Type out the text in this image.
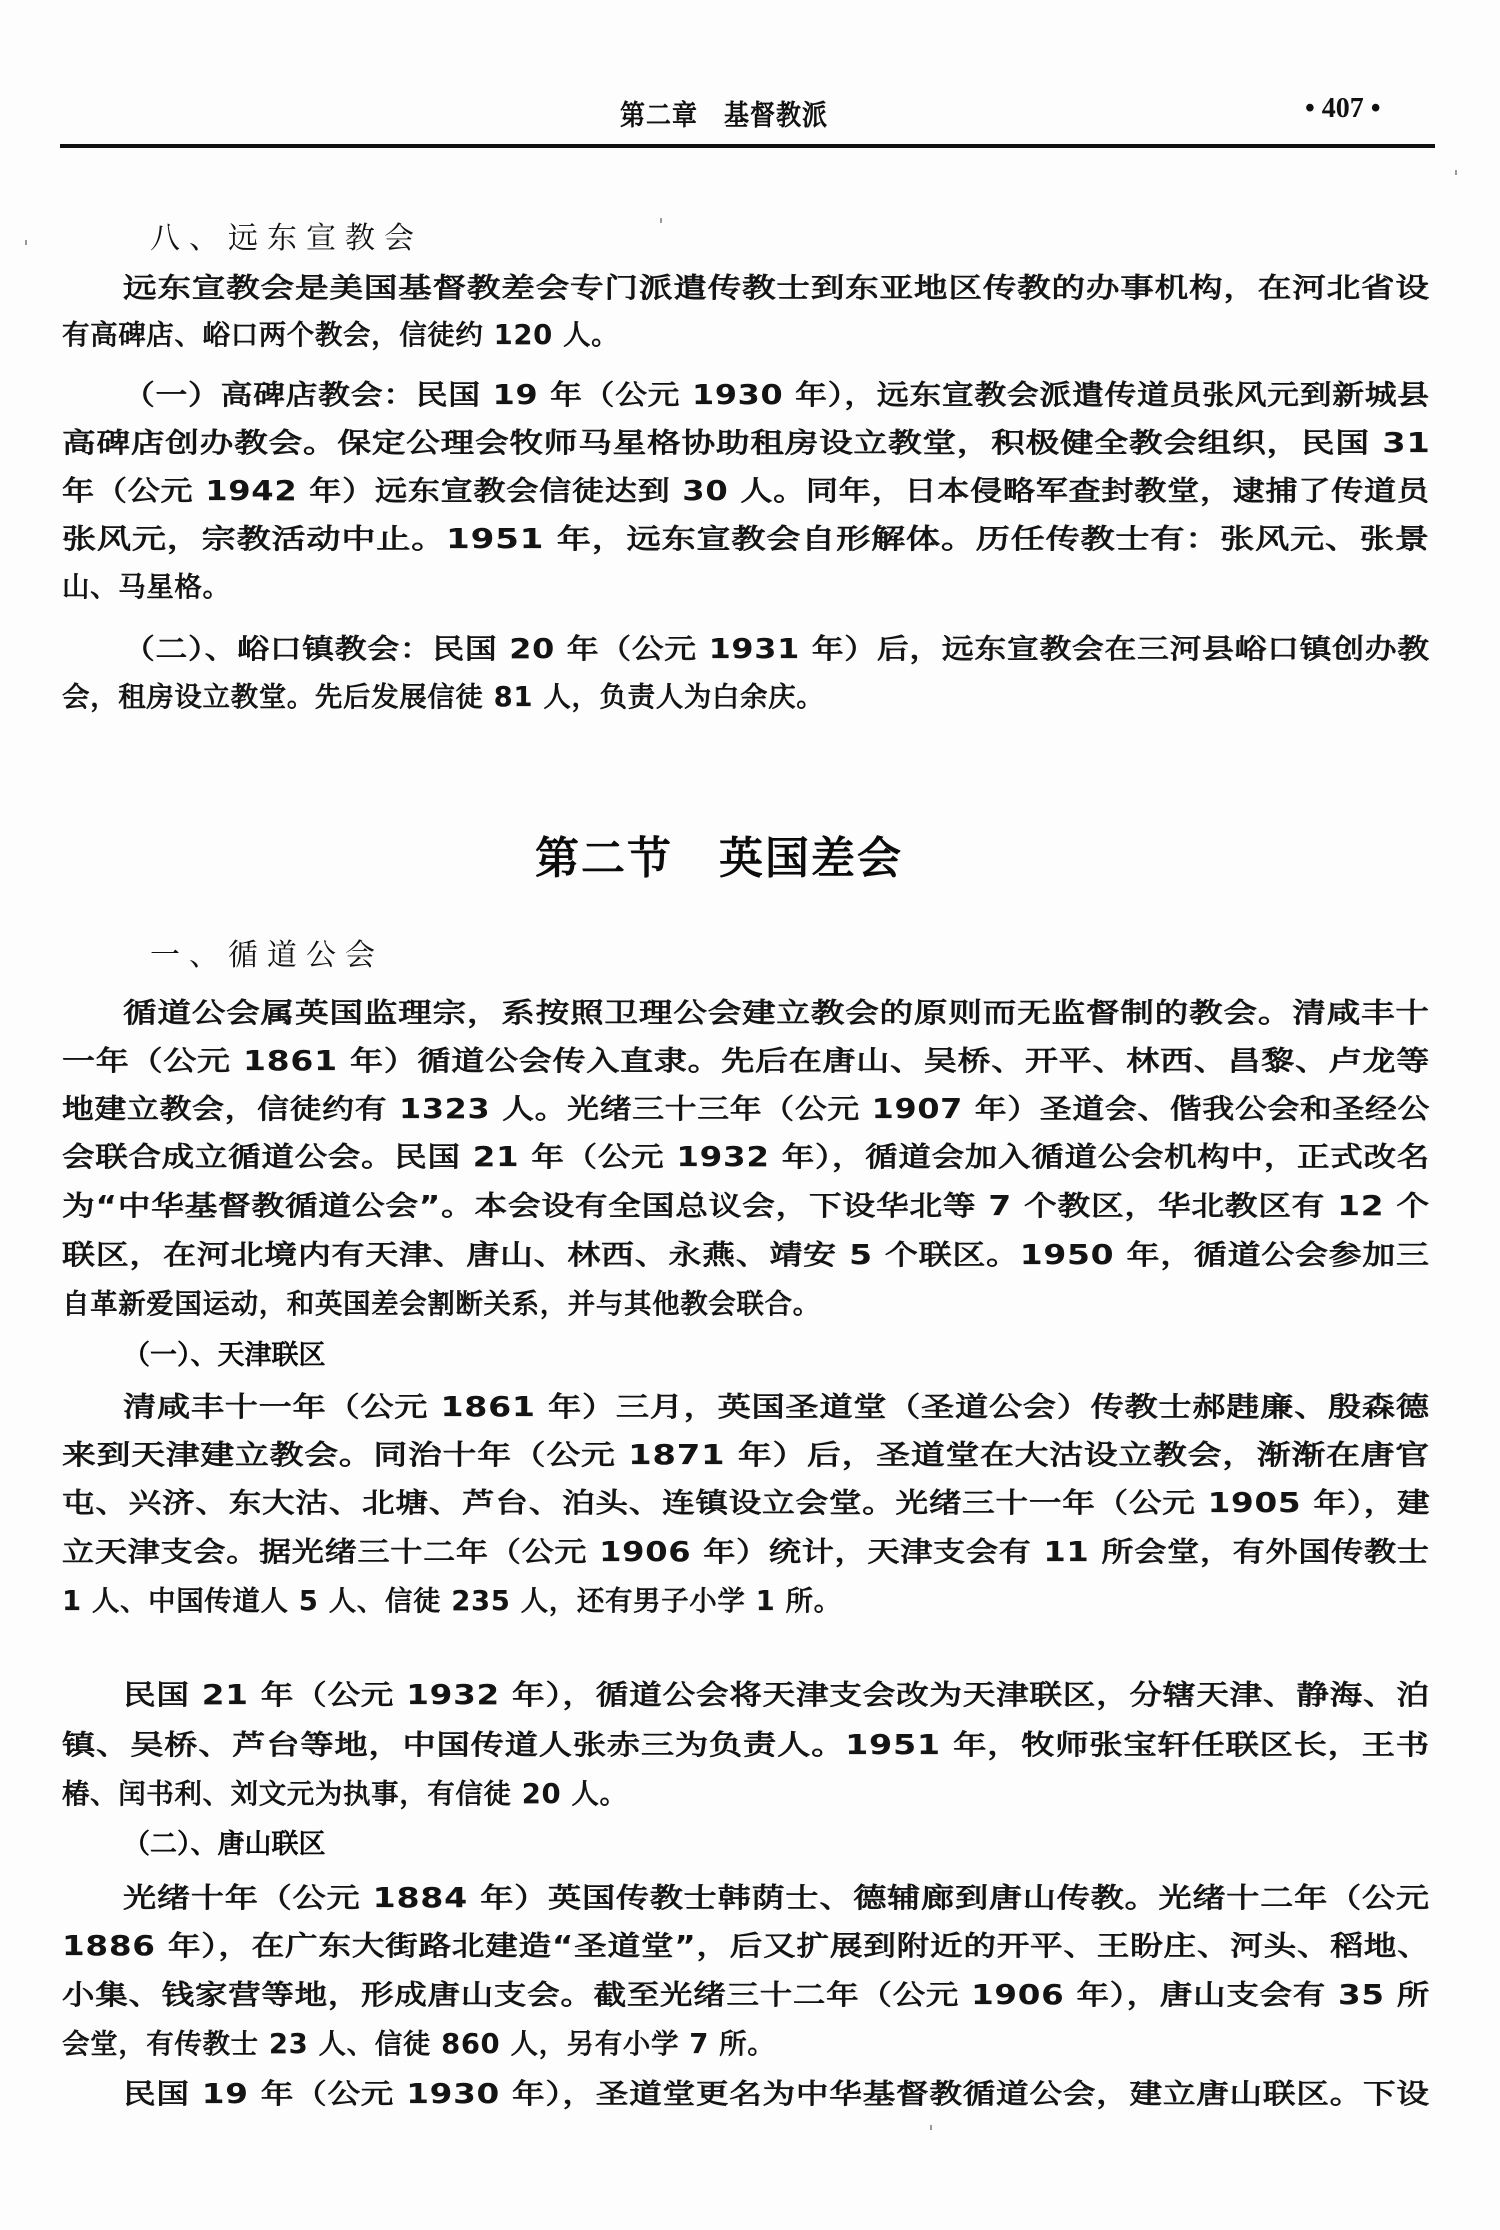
第二章　基督教派	• 407 •
八、远东宣教会
远东宣教会是美国基督教差会专门派遣传教士到东亚地区传教的办事机构，在河北省设
有高碑店、峪口两个教会，信徒约 120 人。
（一）高碑店教会：民国 19 年（公元 1930 年），远东宣教会派遣传道员张风元到新城县
高碑店创办教会。保定公理会牧师马星格协助租房设立教堂，积极健全教会组织，民国 31
年（公元 1942 年）远东宣教会信徒达到 30 人。同年，日本侵略军查封教堂，逮捕了传道员
张风元，宗教活动中止。1951 年，远东宣教会自形解体。历任传教士有：张风元、张景
山、马星格。
（二）、峪口镇教会：民国 20 年（公元 1931 年）后，远东宣教会在三河县峪口镇创办教
会，租房设立教堂。先后发展信徒 81 人，负责人为白余庆。
第二节　英国差会
一、循道公会
循道公会属英国监理宗，系按照卫理公会建立教会的原则而无监督制的教会。清咸丰十
一年（公元 1861 年）循道公会传入直隶。先后在唐山、吴桥、开平、林西、昌黎、卢龙等
地建立教会，信徒约有 1323 人。光绪三十三年（公元 1907 年）圣道会、偕我公会和圣经公
会联合成立循道公会。民国 21 年（公元 1932 年），循道会加入循道公会机构中，正式改名
为“中华基督教循道公会”。本会设有全国总议会，下设华北等 7 个教区，华北教区有 12 个
联区，在河北境内有天津、唐山、林西、永燕、靖安 5 个联区。1950 年，循道公会参加三
自革新爱国运动，和英国差会割断关系，并与其他教会联合。
（一）、天津联区
清咸丰十一年（公元 1861 年）三月，英国圣道堂（圣道公会）传教士郝韪廉、殷森德
来到天津建立教会。同治十年（公元 1871 年）后，圣道堂在大沽设立教会，渐渐在唐官
屯、兴济、东大沽、北塘、芦台、泊头、连镇设立会堂。光绪三十一年（公元 1905 年），建
立天津支会。据光绪三十二年（公元 1906 年）统计，天津支会有 11 所会堂，有外国传教士
1 人、中国传道人 5 人、信徒 235 人，还有男子小学 1 所。
民国 21 年（公元 1932 年），循道公会将天津支会改为天津联区，分辖天津、静海、泊
镇、吴桥、芦台等地，中国传道人张赤三为负责人。1951 年，牧师张宝轩任联区长，王书
椿、闰书利、刘文元为执事，有信徒 20 人。
（二）、唐山联区
光绪十年（公元 1884 年）英国传教士韩荫士、德辅廊到唐山传教。光绪十二年（公元
1886 年），在广东大街路北建造“圣道堂”，后又扩展到附近的开平、王盼庄、河头、稻地、
小集、钱家营等地，形成唐山支会。截至光绪三十二年（公元 1906 年），唐山支会有 35 所
会堂，有传教士 23 人、信徒 860 人，另有小学 7 所。
民国 19 年（公元 1930 年），圣道堂更名为中华基督教循道公会，建立唐山联区。下设
